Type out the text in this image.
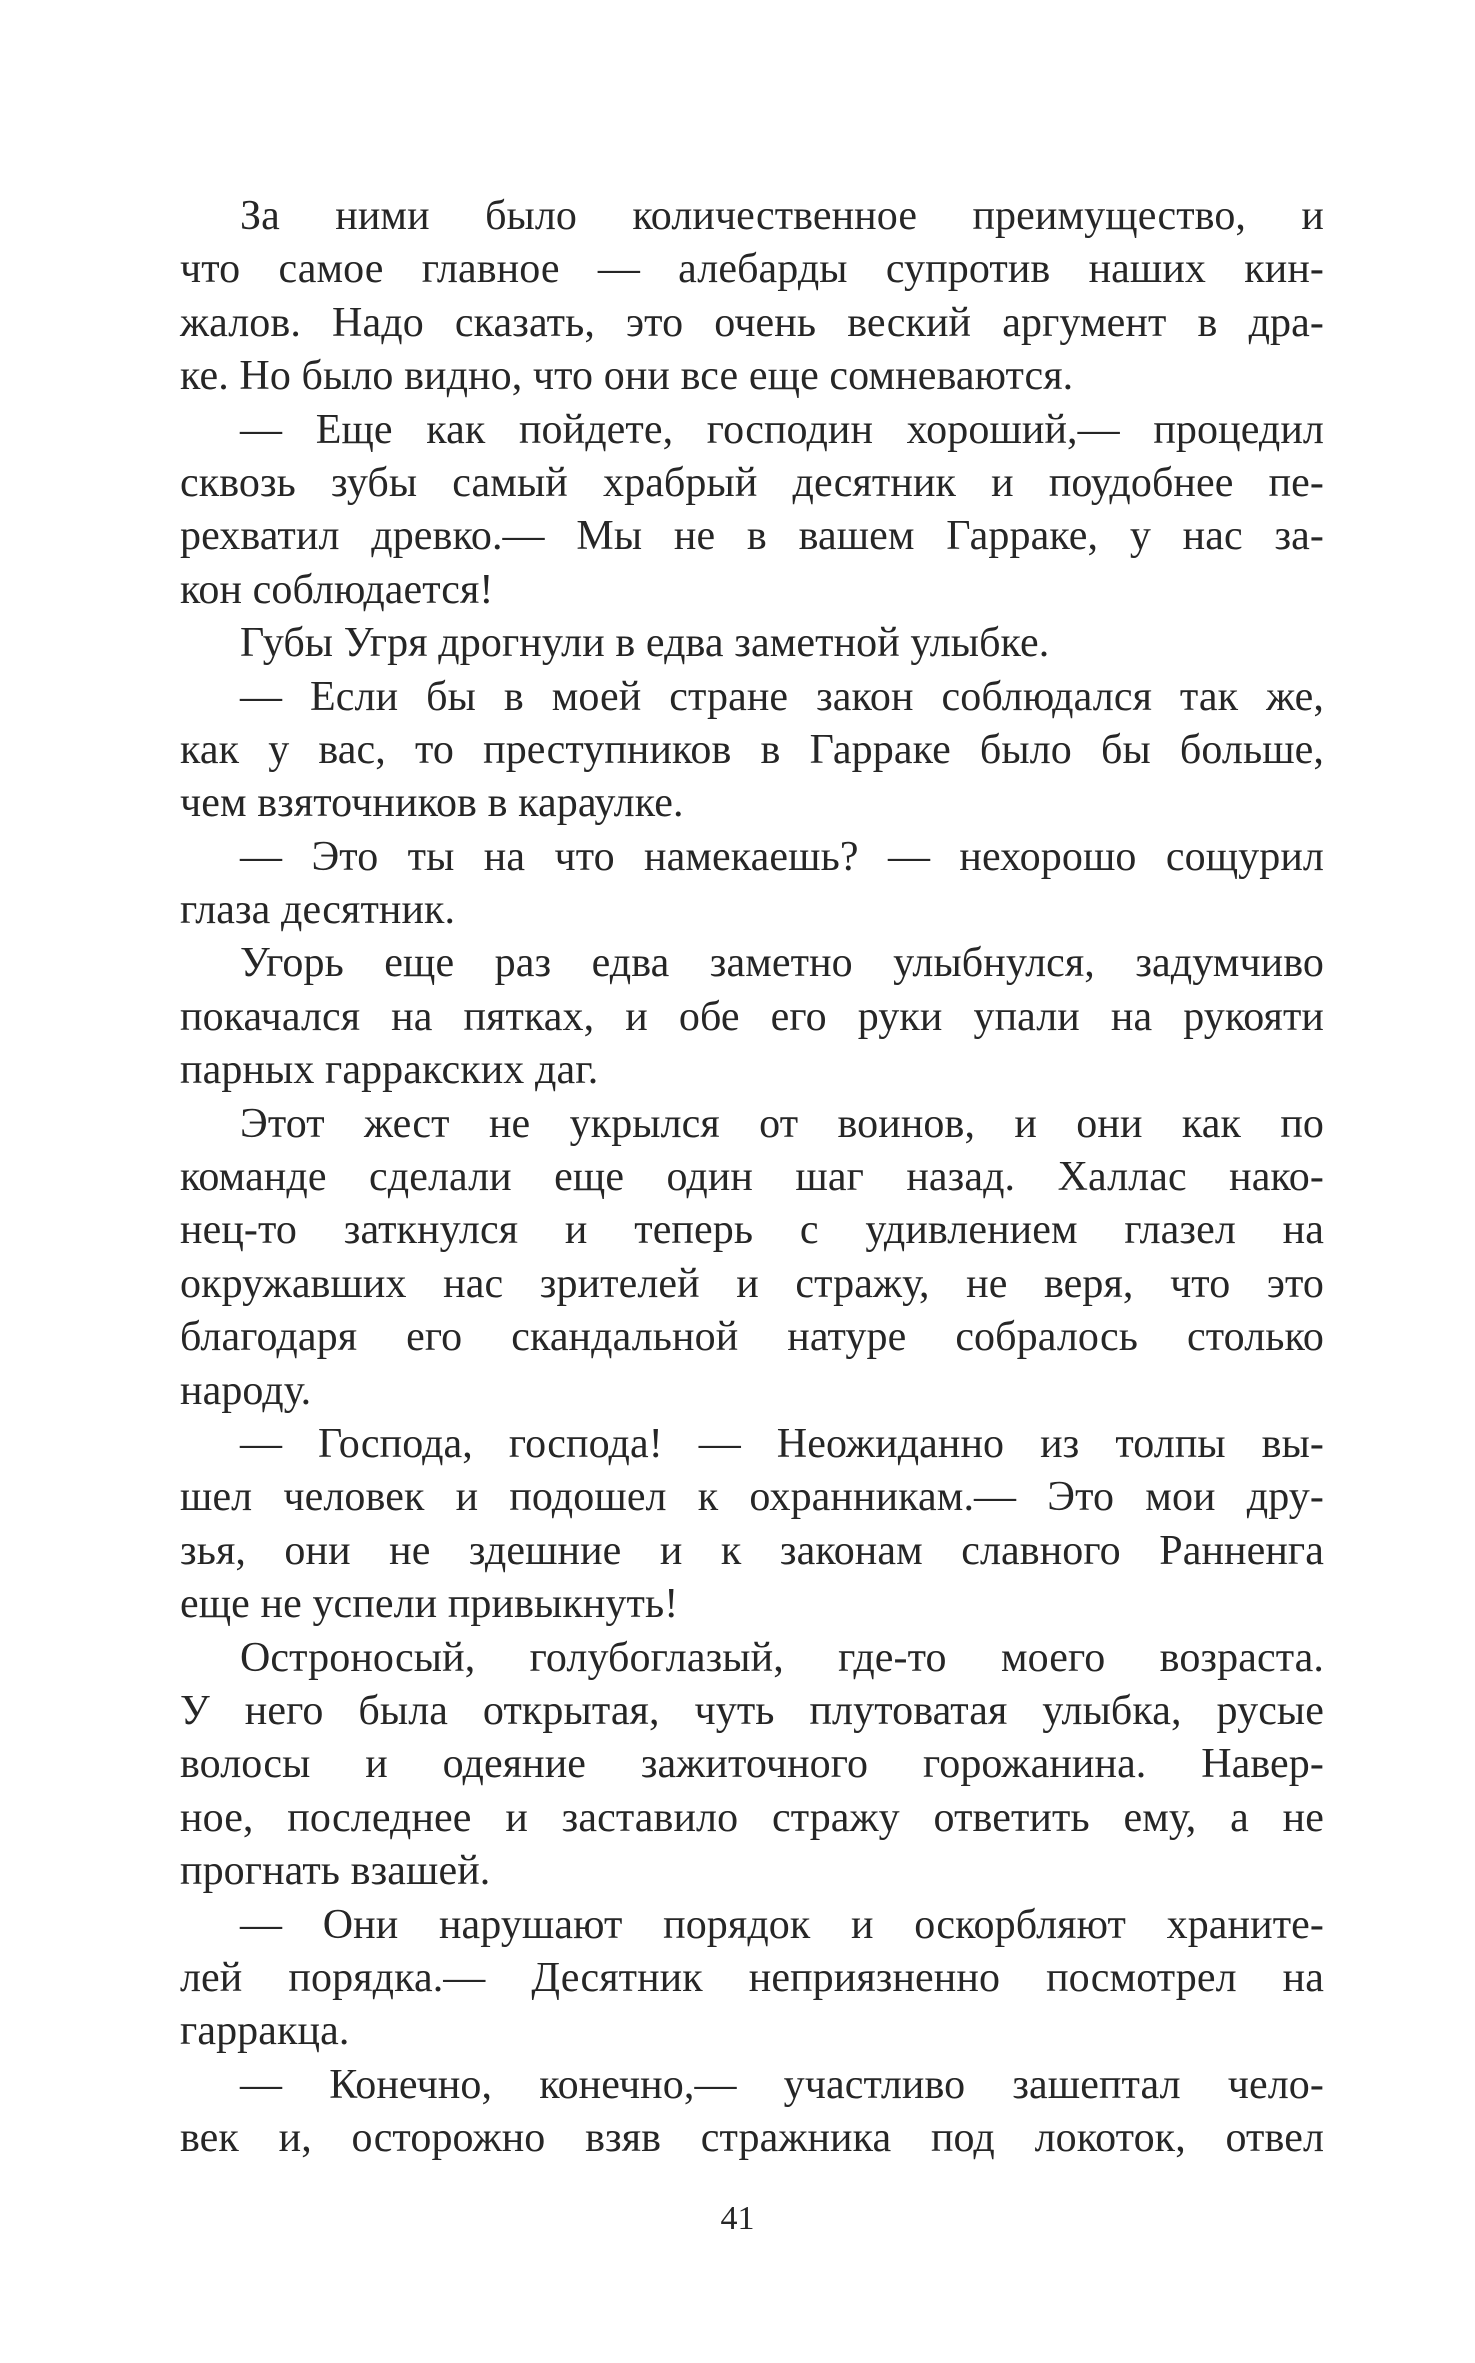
За ними было количественное преимущество, и
что самое главное — алебарды супротив наших кин-
жалов. Надо сказать, это очень веский аргумент в дра-
ке. Но было видно, что они все еще сомневаются.
— Еще как пойдете, господин хороший,— процедил
сквозь зубы самый храбрый десятник и поудобнее пе-
рехватил древко.— Мы не в вашем Гарраке, у нас за-
кон соблюдается!
Губы Угря дрогнули в едва заметной улыбке.
— Если бы в моей стране закон соблюдался так же,
как у вас, то преступников в Гарраке было бы больше,
чем взяточников в караулке.
— Это ты на что намекаешь? — нехорошо сощурил
глаза десятник.
Угорь еще раз едва заметно улыбнулся, задумчиво
покачался на пятках, и обе его руки упали на рукояти
парных гарракских даг.
Этот жест не укрылся от воинов, и они как по
команде сделали еще один шаг назад. Халлас нако-
нец-то заткнулся и теперь с удивлением глазел на
окружавших нас зрителей и стражу, не веря, что это
благодаря его скандальной натуре собралось столько
народу.
— Господа, господа! — Неожиданно из толпы вы-
шел человек и подошел к охранникам.— Это мои дру-
зья, они не здешние и к законам славного Ранненга
еще не успели привыкнуть!
Остроносый, голубоглазый, где-то моего возраста.
У него была открытая, чуть плутоватая улыбка, русые
волосы и одеяние зажиточного горожанина. Навер-
ное, последнее и заставило стражу ответить ему, а не
прогнать взашей.
— Они нарушают порядок и оскорбляют храните-
лей порядка.— Десятник неприязненно посмотрел на
гарракца.
— Конечно, конечно,— участливо зашептал чело-
век и, осторожно взяв стражника под локоток, отвел
41
